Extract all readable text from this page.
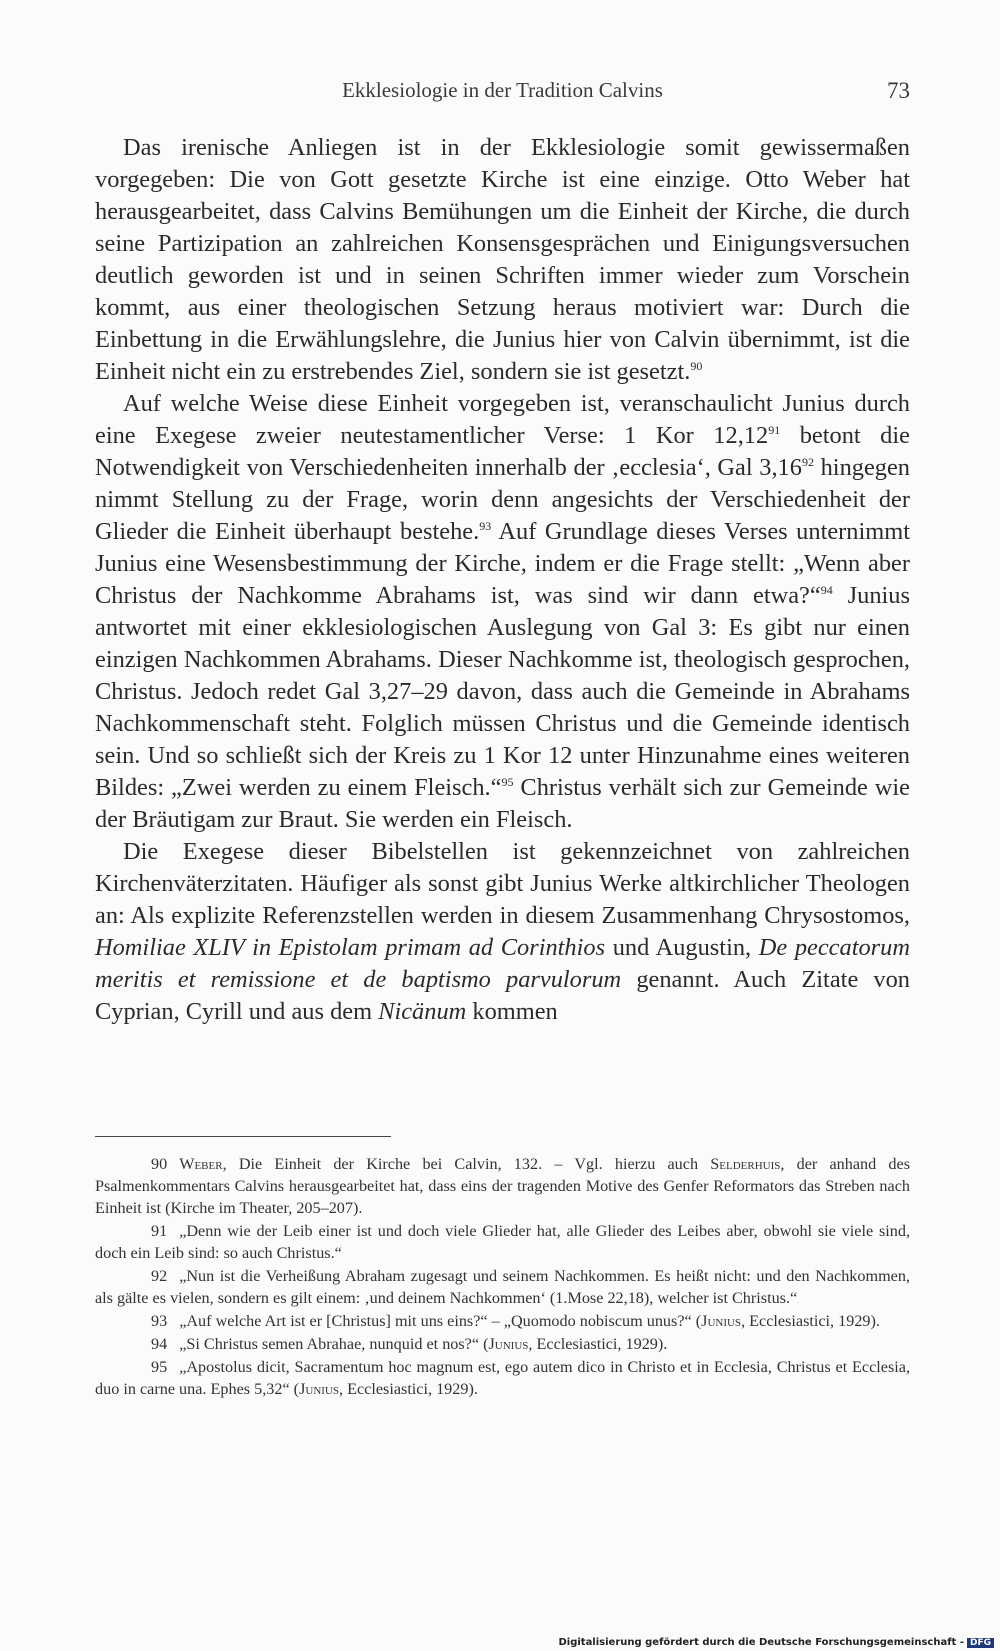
Ekklesiologie in der Tradition Calvins	73

Das irenische Anliegen ist in der Ekklesiologie somit gewissermaßen vorgegeben: Die von Gott gesetzte Kirche ist eine einzige. Otto Weber hat herausgearbeitet, dass Calvins Bemühungen um die Einheit der Kirche, die durch seine Partizipation an zahlreichen Konsensgesprächen und Einigungsversuchen deutlich geworden ist und in seinen Schriften immer wieder zum Vorschein kommt, aus einer theologischen Setzung heraus motiviert war: Durch die Einbettung in die Erwählungslehre, die Junius hier von Calvin übernimmt, ist die Einheit nicht ein zu erstrebendes Ziel, sondern sie ist gesetzt.$^{90}$

Auf welche Weise diese Einheit vorgegeben ist, veranschaulicht Junius durch eine Exegese zweier neutestamentlicher Verse: 1 Kor 12,12$^{91}$ betont die Notwendigkeit von Verschiedenheiten innerhalb der ‚ecclesia‘, Gal 3,16$^{92}$ hingegen nimmt Stellung zu der Frage, worin denn angesichts der Verschiedenheit der Glieder die Einheit überhaupt bestehe.$^{93}$ Auf Grundlage dieses Verses unternimmt Junius eine Wesensbestimmung der Kirche, indem er die Frage stellt: „Wenn aber Christus der Nachkomme Abrahams ist, was sind wir dann etwa?“$^{94}$ Junius antwortet mit einer ekklesiologischen Auslegung von Gal 3: Es gibt nur einen einzigen Nachkommen Abrahams. Dieser Nachkomme ist, theologisch gesprochen, Christus. Jedoch redet Gal 3,27–29 davon, dass auch die Gemeinde in Abrahams Nachkommenschaft steht. Folglich müssen Christus und die Gemeinde identisch sein. Und so schließt sich der Kreis zu 1 Kor 12 unter Hinzunahme eines weiteren Bildes: „Zwei werden zu einem Fleisch.“$^{95}$ Christus verhält sich zur Gemeinde wie der Bräutigam zur Braut. Sie werden ein Fleisch.

Die Exegese dieser Bibelstellen ist gekennzeichnet von zahlreichen Kirchenväterzitaten. Häufiger als sonst gibt Junius Werke altkirchlicher Theologen an: Als explizite Referenzstellen werden in diesem Zusammenhang Chrysostomos, Homiliae XLIV in Epistolam primam ad Corinthios und Augustin, De peccatorum meritis et remissione et de baptismo parvulorum genannt. Auch Zitate von Cyprian, Cyrill und aus dem Nicänum kommen

90 Weber, Die Einheit der Kirche bei Calvin, 132. – Vgl. hierzu auch Selderhuis, der anhand des Psalmenkommentars Calvins herausgearbeitet hat, dass eins der tragenden Motive des Genfer Reformators das Streben nach Einheit ist (Kirche im Theater, 205–207).

91 „Denn wie der Leib einer ist und doch viele Glieder hat, alle Glieder des Leibes aber, obwohl sie viele sind, doch ein Leib sind: so auch Christus.“

92 „Nun ist die Verheißung Abraham zugesagt und seinem Nachkommen. Es heißt nicht: und den Nachkommen, als gälte es vielen, sondern es gilt einem: ‚und deinem Nachkommen‘ (1.Mose 22,18), welcher ist Christus.“

93 „Auf welche Art ist er [Christus] mit uns eins?“ – „Quomodo nobiscum unus?“ (Junius, Ecclesiastici, 1929).

94 „Si Christus semen Abrahae, nunquid et nos?“ (Junius, Ecclesiastici, 1929).

95 „Apostolus dicit, Sacramentum hoc magnum est, ego autem dico in Christo et in Ecclesia, Christus et Ecclesia, duo in carne una. Ephes 5,32“ (Junius, Ecclesiastici, 1929).

Digitalisierung gefördert durch die Deutsche Forschungsgemeinschaft - DFG
